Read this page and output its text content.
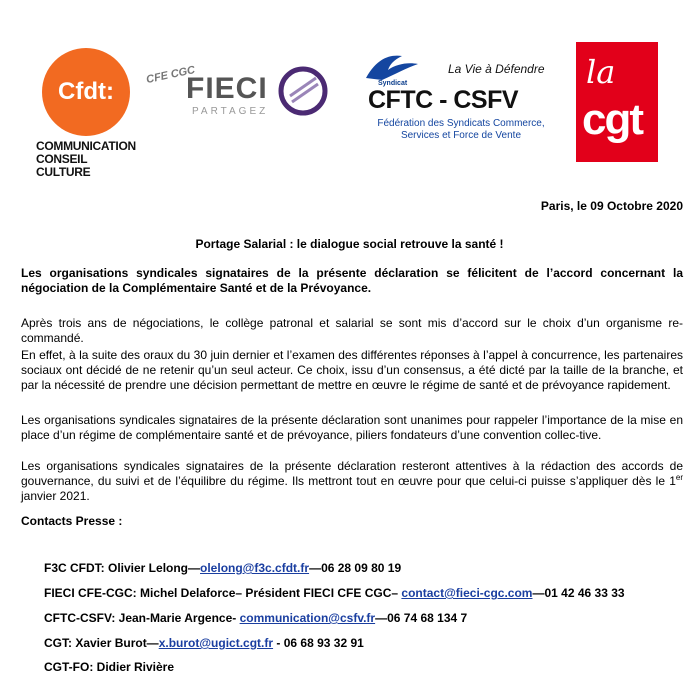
Cfdt:
COMMUNICATION
CONSEIL CULTURE
CFE CGC
FIECI
PARTAGEZ
La Vie à Défendre
Syndicat
CFTC - CSFV
Fédération des Syndicats Commerce,
Services et Force de Vente
la
cgt
Paris, le 09 Octobre 2020
Portage Salarial : le dialogue social retrouve la santé !
Les organisations syndicales signataires de la présente déclaration se félicitent de l’accord concernant la négociation de la Complémentaire Santé et de la Prévoyance.
Après trois ans de négociations, le collège patronal et salarial se sont mis d’accord sur le choix d’un organisme re-commandé.
En effet, à la suite des oraux du 30 juin dernier et l’examen des différentes réponses à l’appel à concurrence, les partenaires sociaux ont décidé de ne retenir qu’un seul acteur. Ce choix, issu d’un consensus, a été dicté par la taille de la branche, et par la nécessité de prendre une décision permettant de mettre en œuvre le régime de santé et de prévoyance rapidement.
Les organisations syndicales signataires de la présente déclaration sont unanimes pour rappeler l’importance de la mise en place d’un régime de complémentaire santé et de prévoyance, piliers fondateurs d’une convention collec-tive.
Les organisations syndicales signataires de la présente déclaration resteront attentives à la rédaction des accords de gouvernance, du suivi et de l’équilibre du régime. Ils mettront tout en œuvre pour que celui-ci puisse s’appliquer dès le 1er janvier 2021.
Contacts Presse :
F3C CFDT: Olivier Lelong—olelong@f3c.cfdt.fr—06 28 09 80 19
FIECI CFE-CGC: Michel Delaforce– Président FIECI CFE CGC– contact@fieci-cgc.com—01 42 46 33 33
CFTC-CSFV: Jean-Marie Argence- communication@csfv.fr—06 74 68 134 7
CGT: Xavier Burot—x.burot@ugict.cgt.fr - 06 68 93 32 91
CGT-FO: Didier Rivière
